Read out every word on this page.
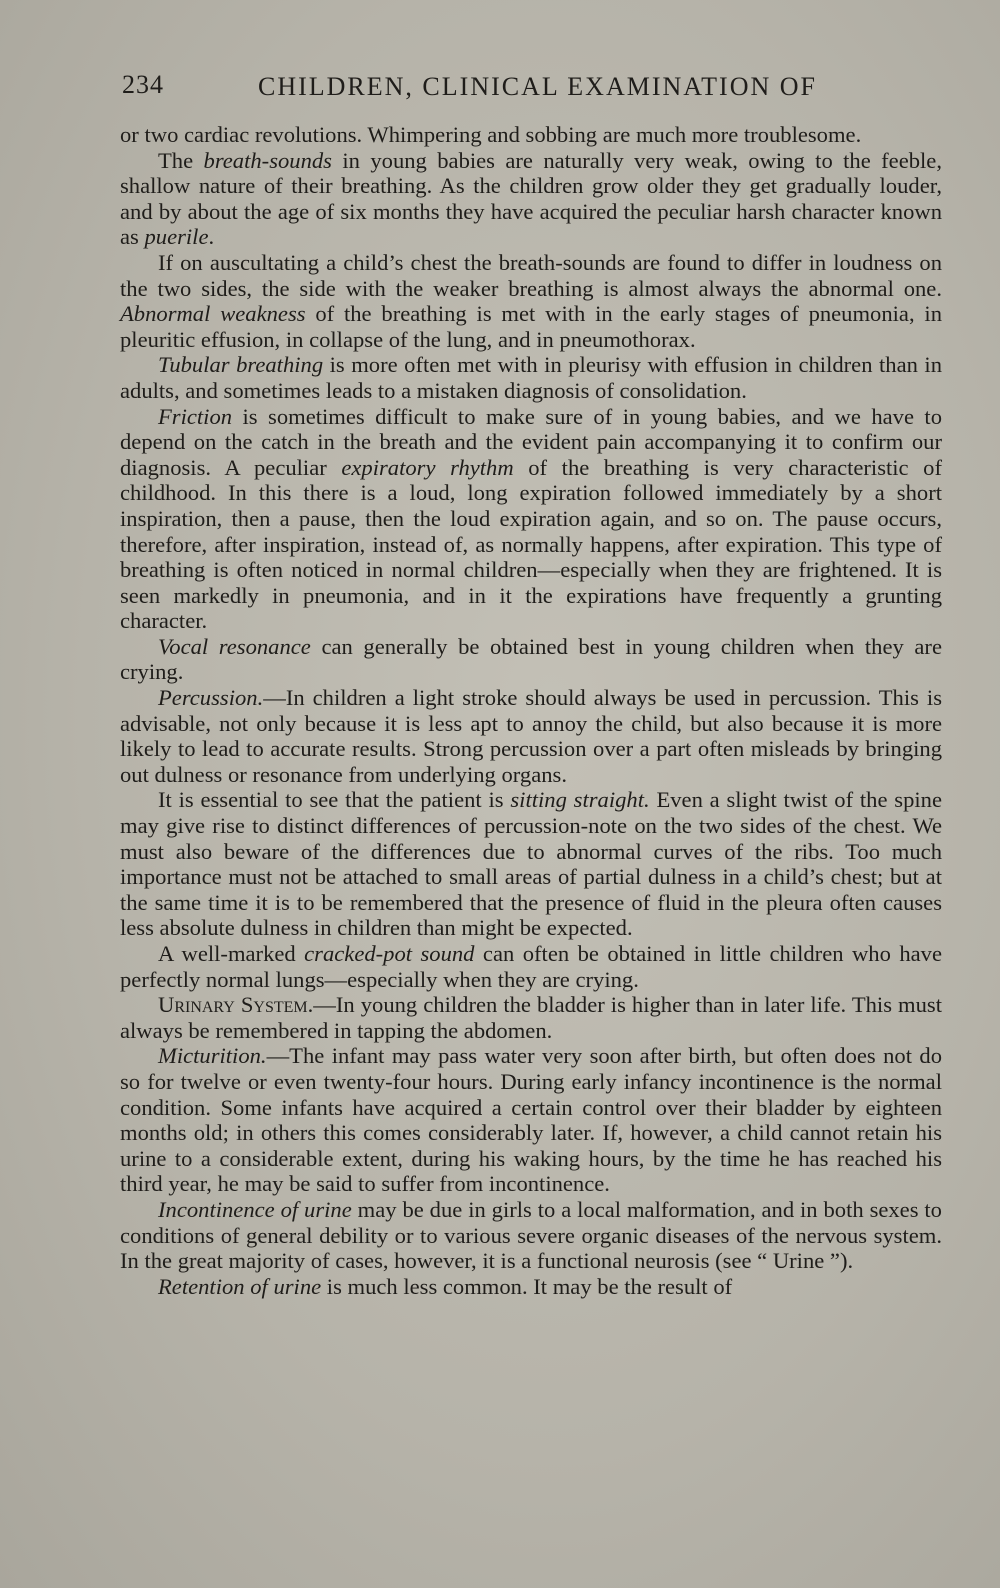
234	CHILDREN, CLINICAL EXAMINATION OF

or two cardiac revolutions. Whimpering and sobbing are much more troublesome.

The breath-sounds in young babies are naturally very weak, owing to the feeble, shallow nature of their breathing. As the children grow older they get gradually louder, and by about the age of six months they have acquired the peculiar harsh character known as puerile.

If on auscultating a child’s chest the breath-sounds are found to differ in loudness on the two sides, the side with the weaker breathing is almost always the abnormal one. Abnormal weakness of the breathing is met with in the early stages of pneumonia, in pleuritic effusion, in collapse of the lung, and in pneumothorax.

Tubular breathing is more often met with in pleurisy with effusion in children than in adults, and sometimes leads to a mistaken diagnosis of consolidation.

Friction is sometimes difficult to make sure of in young babies, and we have to depend on the catch in the breath and the evident pain accompanying it to confirm our diagnosis. A peculiar expiratory rhythm of the breathing is very characteristic of childhood. In this there is a loud, long expiration followed immediately by a short inspiration, then a pause, then the loud expiration again, and so on. The pause occurs, therefore, after inspiration, instead of, as normally happens, after expiration. This type of breathing is often noticed in normal children—especially when they are frightened. It is seen markedly in pneumonia, and in it the expirations have frequently a grunting character.

Vocal resonance can generally be obtained best in young children when they are crying.

Percussion.—In children a light stroke should always be used in percussion. This is advisable, not only because it is less apt to annoy the child, but also because it is more likely to lead to accurate results. Strong percussion over a part often misleads by bringing out dulness or resonance from underlying organs.

It is essential to see that the patient is sitting straight. Even a slight twist of the spine may give rise to distinct differences of percussion-note on the two sides of the chest. We must also beware of the differences due to abnormal curves of the ribs. Too much importance must not be attached to small areas of partial dulness in a child’s chest; but at the same time it is to be remembered that the presence of fluid in the pleura often causes less absolute dulness in children than might be expected.

A well-marked cracked-pot sound can often be obtained in little children who have perfectly normal lungs—especially when they are crying.

Urinary System.—In young children the bladder is higher than in later life. This must always be remembered in tapping the abdomen.

Micturition.—The infant may pass water very soon after birth, but often does not do so for twelve or even twenty-four hours. During early infancy incontinence is the normal condition. Some infants have acquired a certain control over their bladder by eighteen months old; in others this comes considerably later. If, however, a child cannot retain his urine to a considerable extent, during his waking hours, by the time he has reached his third year, he may be said to suffer from incontinence.

Incontinence of urine may be due in girls to a local malformation, and in both sexes to conditions of general debility or to various severe organic diseases of the nervous system. In the great majority of cases, however, it is a functional neurosis (see “ Urine ”).

Retention of urine is much less common. It may be the result of
